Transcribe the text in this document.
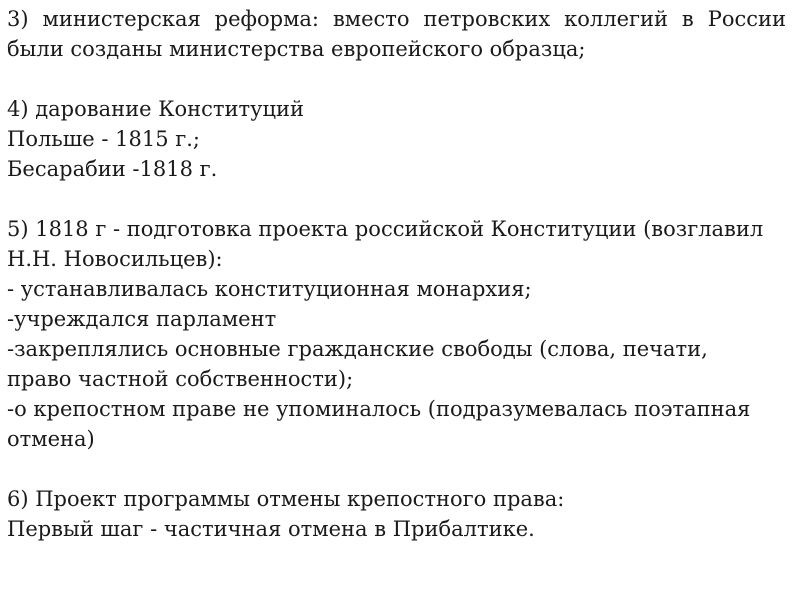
3) министерская реформа: вместо петровских коллегий в России
были созданы министерства европейского образца;
4) дарование Конституций
Польше - 1815 г.;
Бесарабии -1818 г.
5) 1818 г - подготовка проекта российской Конституции (возглавил
Н.Н. Новосильцев):
- устанавливалась конституционная монархия;
-учреждался парламент
-закреплялись основные гражданские свободы (слова, печати,
право частной собственности);
-о крепостном праве не упоминалось (подразумевалась поэтапная
отмена)
6) Проект программы отмены крепостного права:
Первый шаг - частичная отмена в Прибалтике.
